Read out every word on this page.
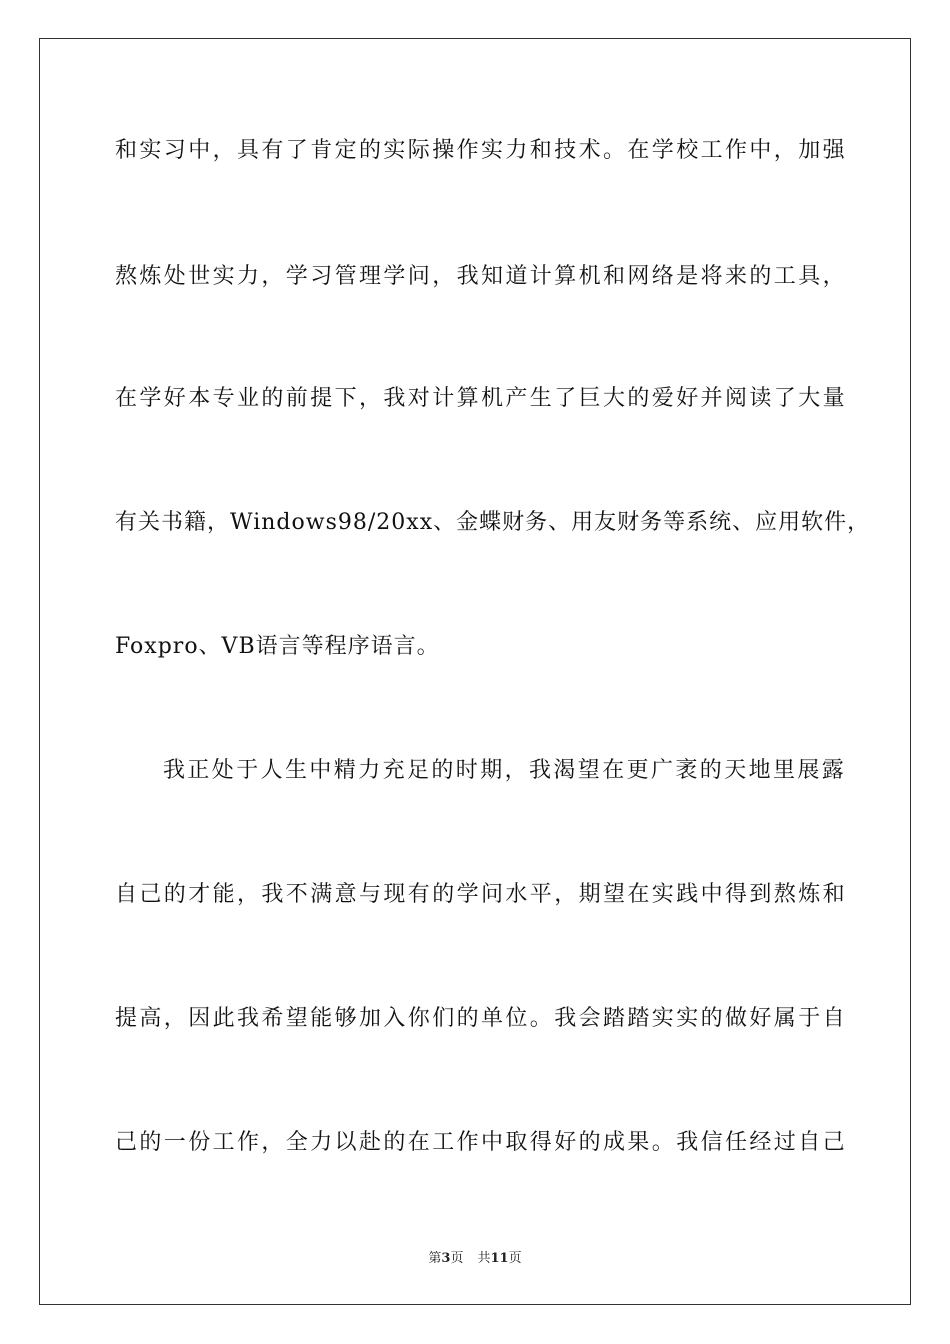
和实习中，具有了肯定的实际操作实力和技术。在学校工作中，加强
熬炼处世实力，学习管理学问，我知道计算机和网络是将来的工具，
在学好本专业的前提下，我对计算机产生了巨大的爱好并阅读了大量
有关书籍，Windows98/20xx、金蝶财务、用友财务等系统、应用软件，
Foxpro、VB语言等程序语言。
我正处于人生中精力充足的时期，我渴望在更广袤的天地里展露
自己的才能，我不满意与现有的学问水平，期望在实践中得到熬炼和
提高，因此我希望能够加入你们的单位。我会踏踏实实的做好属于自
己的一份工作，全力以赴的在工作中取得好的成果。我信任经过自己
第3页 共11页
